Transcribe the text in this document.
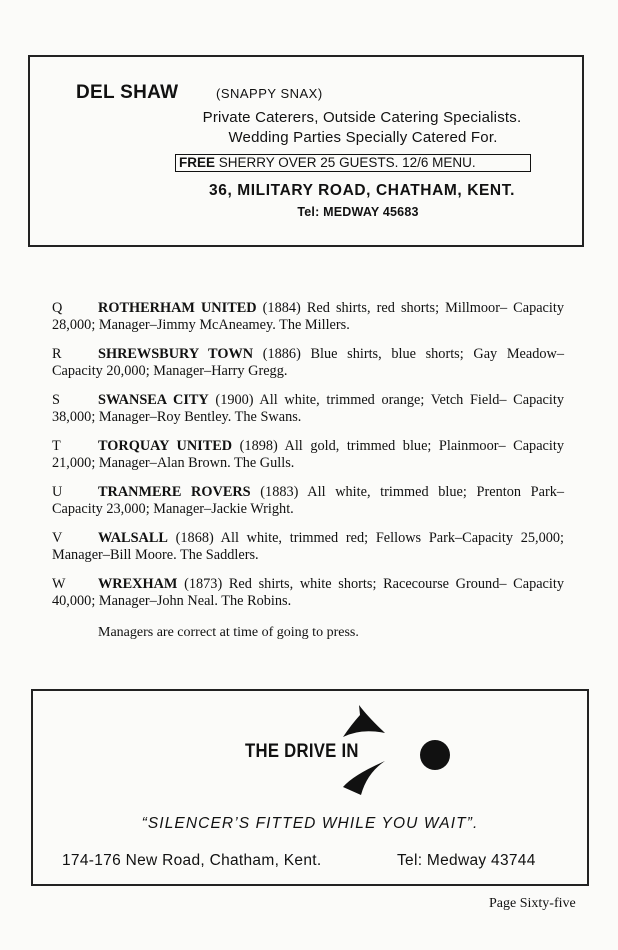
DEL SHAW	(SNAPPY SNAX)
Private Caterers, Outside Catering Specialists.
Wedding Parties Specially Catered For.
FREE SHERRY OVER 25 GUESTS. 12/6 MENU.
36, MILITARY ROAD, CHATHAM, KENT.
Tel: MEDWAY 45683

Q ROTHERHAM UNITED (1884) Red shirts, red shorts; Millmoor– Capacity 28,000; Manager–Jimmy McAneamey. The Millers.

R	SHREWSBURY TOWN (1886) Blue shirts, blue shorts; Gay Meadow–Capacity 20,000; Manager–Harry Gregg.

S	SWANSEA CITY (1900) All white, trimmed orange; Vetch Field– Capacity 38,000; Manager–Roy Bentley. The Swans.

T	TORQUAY UNITED (1898) All gold, trimmed blue; Plainmoor– Capacity 21,000; Manager–Alan Brown. The Gulls.

U TRANMERE ROVERS (1883) All white, trimmed blue; Prenton Park–Capacity 23,000; Manager–Jackie Wright.

V WALSALL (1868) All white, trimmed red; Fellows Park–Capacity 25,000; Manager–Bill Moore. The Saddlers.

W WREXHAM (1873) Red shirts, white shorts; Racecourse Ground– Capacity 40,000; Manager–John Neal. The Robins.

Managers are correct at time of going to press.
THE DRIVE IN
“SILENCER’S FITTED WHILE YOU WAIT”.
174-176 New Road, Chatham, Kent.	Tel: Medway 43744
Page Sixty-five
